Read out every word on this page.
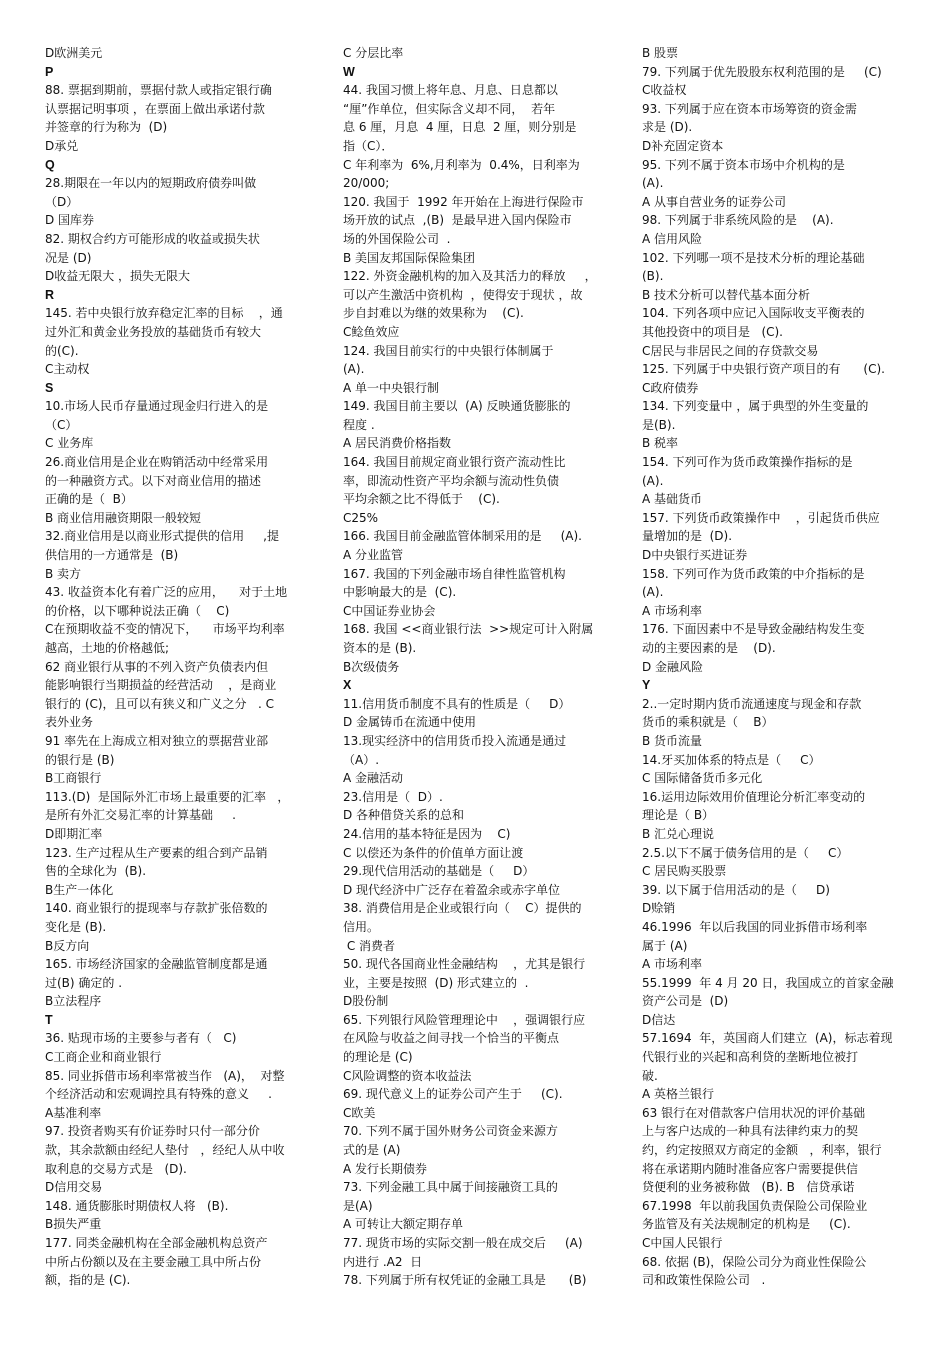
D欧洲美元
P
88. 票据到期前，票据付款人或指定银行确
认票据记明事项 ，在票面上做出承诺付款
并签章的行为称为  (D)
D承兑
Q
28.期限在一年以内的短期政府债券叫做
（D）
D 国库券
82. 期权合约方可能形成的收益或损失状
况是 (D)
D收益无限大 ，损失无限大
R
145. 若中央银行放弃稳定汇率的目标    ，通
过外汇和黄金业务投放的基础货币有较大
的(C).
C主动权
S
10.市场人民币存量通过现金归行进入的是
（C）
C 业务库
26.商业信用是企业在购销活动中经常采用
的一种融资方式。以下对商业信用的描述
正确的是（  B）
B 商业信用融资期限一般较短
32.商业信用是以商业形式提供的信用     ,提
供信用的一方通常是  (B)
B 卖方
43. 收益资本化有着广泛的应用，    对于土地
的价格，以下哪种说法正确（    C)
C在预期收益不变的情况下，    市场平均利率
越高，土地的价格越低;
62 商业银行从事的不列入资产负债表内但
能影响银行当期损益的经营活动    ，是商业
银行的 (C)，且可以有狭义和广义之分   . C
表外业务
91 率先在上海成立相对独立的票据营业部
的银行是 (B)
B工商银行
113.(D)  是国际外汇市场上最重要的汇率   ，
是所有外汇交易汇率的计算基础     .
D即期汇率
123. 生产过程从生产要素的组合到产品销
售的全球化为  (B).
B生产一体化
140. 商业银行的提现率与存款扩张倍数的
变化是 (B).
B反方向
165. 市场经济国家的金融监管制度都是通
过(B) 确定的 .
B立法程序
T
36. 贴现市场的主要参与者有（   C)
C工商企业和商业银行
85. 同业拆借市场利率常被当作   (A)，  对整
个经济活动和宏观调控具有特殊的意义     .
A基准利率
97. 投资者购买有价证券时只付一部分价
款，其余款额由经纪人垫付   ，经纪人从中收
取利息的交易方式是   (D).
D信用交易
148. 通货膨胀时期债权人将   (B).
B损失严重
177. 同类金融机构在全部金融机构总资产
中所占份额以及在主要金融工具中所占份
额，指的是 (C).
C 分层比率
W
44. 我国习惯上将年息、月息、日息都以
“厘”作单位，但实际含义却不同，  若年
息 6 厘，月息  4 厘，日息  2 厘，则分别是
指（C）．
C 年利率为  6%,月利率为  0.4%，日利率为
20/000;
120. 我国于  1992 年开始在上海进行保险市
场开放的试点  ,(B)  是最早进入国内保险市
场的外国保险公司  .
B 美国友邦国际保险集团
122. 外资金融机构的加入及其活力的释放     ，
可以产生激活中资机构  ，使得安于现状 ，故
步自封难以为继的效果称为    (C).
C鲶鱼效应
124. 我国目前实行的中央银行体制属于
(A).
A 单一中央银行制
149. 我国目前主要以  (A) 反映通货膨胀的
程度 .
A 居民消费价格指数
164. 我国目前规定商业银行资产流动性比
率，即流动性资产平均余额与流动性负债
平均余额之比不得低于    (C).
C25%
166. 我国目前金融监管体制采用的是     (A).
A 分业监管
167. 我国的下列金融市场自律性监管机构
中影响最大的是  (C).
C中国证券业协会
168. 我国 <<商业银行法  >>规定可计入附属
资本的是 (B).
B次级债务
X
11.信用货币制度不具有的性质是（     D）
D 金属铸币在流通中使用
13.现实经济中的信用货币投入流通是通过
（A）.
A 金融活动
23.信用是（  D）.
D 各种借贷关系的总和
24.信用的基本特征是因为    C)
C 以偿还为条件的价值单方面让渡
29.现代信用活动的基础是（     D）
D 现代经济中广泛存在着盈余或赤字单位
38. 消费信用是企业或银行向（    C）提供的
信用。
C 消费者
50. 现代各国商业性金融结构    ，尤其是银行
业，主要是按照  (D) 形式建立的  .
D股份制
65. 下列银行风险管理理论中    ，强调银行应
在风险与收益之间寻找一个恰当的平衡点
的理论是 (C)
C风险调整的资本收益法
69. 现代意义上的证券公司产生于     (C).
C欧美
70. 下列不属于国外财务公司资金来源方
式的是 (A)
A 发行长期债券
73. 下列金融工具中属于间接融资工具的
是(A)
A 可转让大额定期存单
77. 现货市场的实际交割一般在成交后     (A)
内进行 .A2  日
78. 下列属于所有权凭证的金融工具是      (B)
B 股票
79. 下列属于优先股股东权利范围的是     (C)
C收益权
93. 下列属于应在资本市场筹资的资金需
求是 (D).
D补充固定资本
95. 下列不属于资本市场中介机构的是
(A).
A 从事自营业务的证券公司
98. 下列属于非系统风险的是    (A).
A 信用风险
102. 下列哪一项不是技术分析的理论基础
(B).
B 技术分析可以替代基本面分析
104. 下列各项中应记入国际收支平衡表的
其他投资中的项目是   (C).
C居民与非居民之间的存贷款交易
125. 下列属于中央银行资产项目的有      (C).
C政府债券
134. 下列变量中 ，属于典型的外生变量的
是(B).
B 税率
154. 下列可作为货币政策操作指标的是
(A).
A 基础货币
157. 下列货币政策操作中    ，引起货币供应
量增加的是  (D).
D中央银行买进证券
158. 下列可作为货币政策的中介指标的是
(A).
A 市场利率
176. 下面因素中不是导致金融结构发生变
动的主要因素的是    (D).
D 金融风险
Y
2..一定时期内货币流通速度与现金和存款
货币的乘积就是（    B）
B 货币流量
14.牙买加体系的特点是（     C）
C 国际储备货币多元化
16.运用边际效用价值理论分析汇率变动的
理论是（ B）
B 汇兑心理说
2.5.以下不属于债务信用的是（     C）
C 居民购买股票
39. 以下属于信用活动的是（     D)
D赊销
46.1996  年以后我国的同业拆借市场利率
属于 (A)
A 市场利率
55.1999  年 4 月 20 日，我国成立的首家金融
资产公司是  (D)
D信达
57.1694  年，英国商人们建立  (A)，标志着现
代银行业的兴起和高利贷的垄断地位被打
破.
A 英格兰银行
63 银行在对借款客户信用状况的评价基础
上与客户达成的一种具有法律约束力的契
约，约定按照双方商定的金额   ，利率，银行
将在承诺期内随时准备应客户需要提供信
贷便利的业务被称做   (B). B   信贷承诺
67.1998  年以前我国负责保险公司保险业
务监管及有关法规制定的机构是     (C).
C中国人民银行
68. 依据 (B)，保险公司分为商业性保险公
司和政策性保险公司   .
